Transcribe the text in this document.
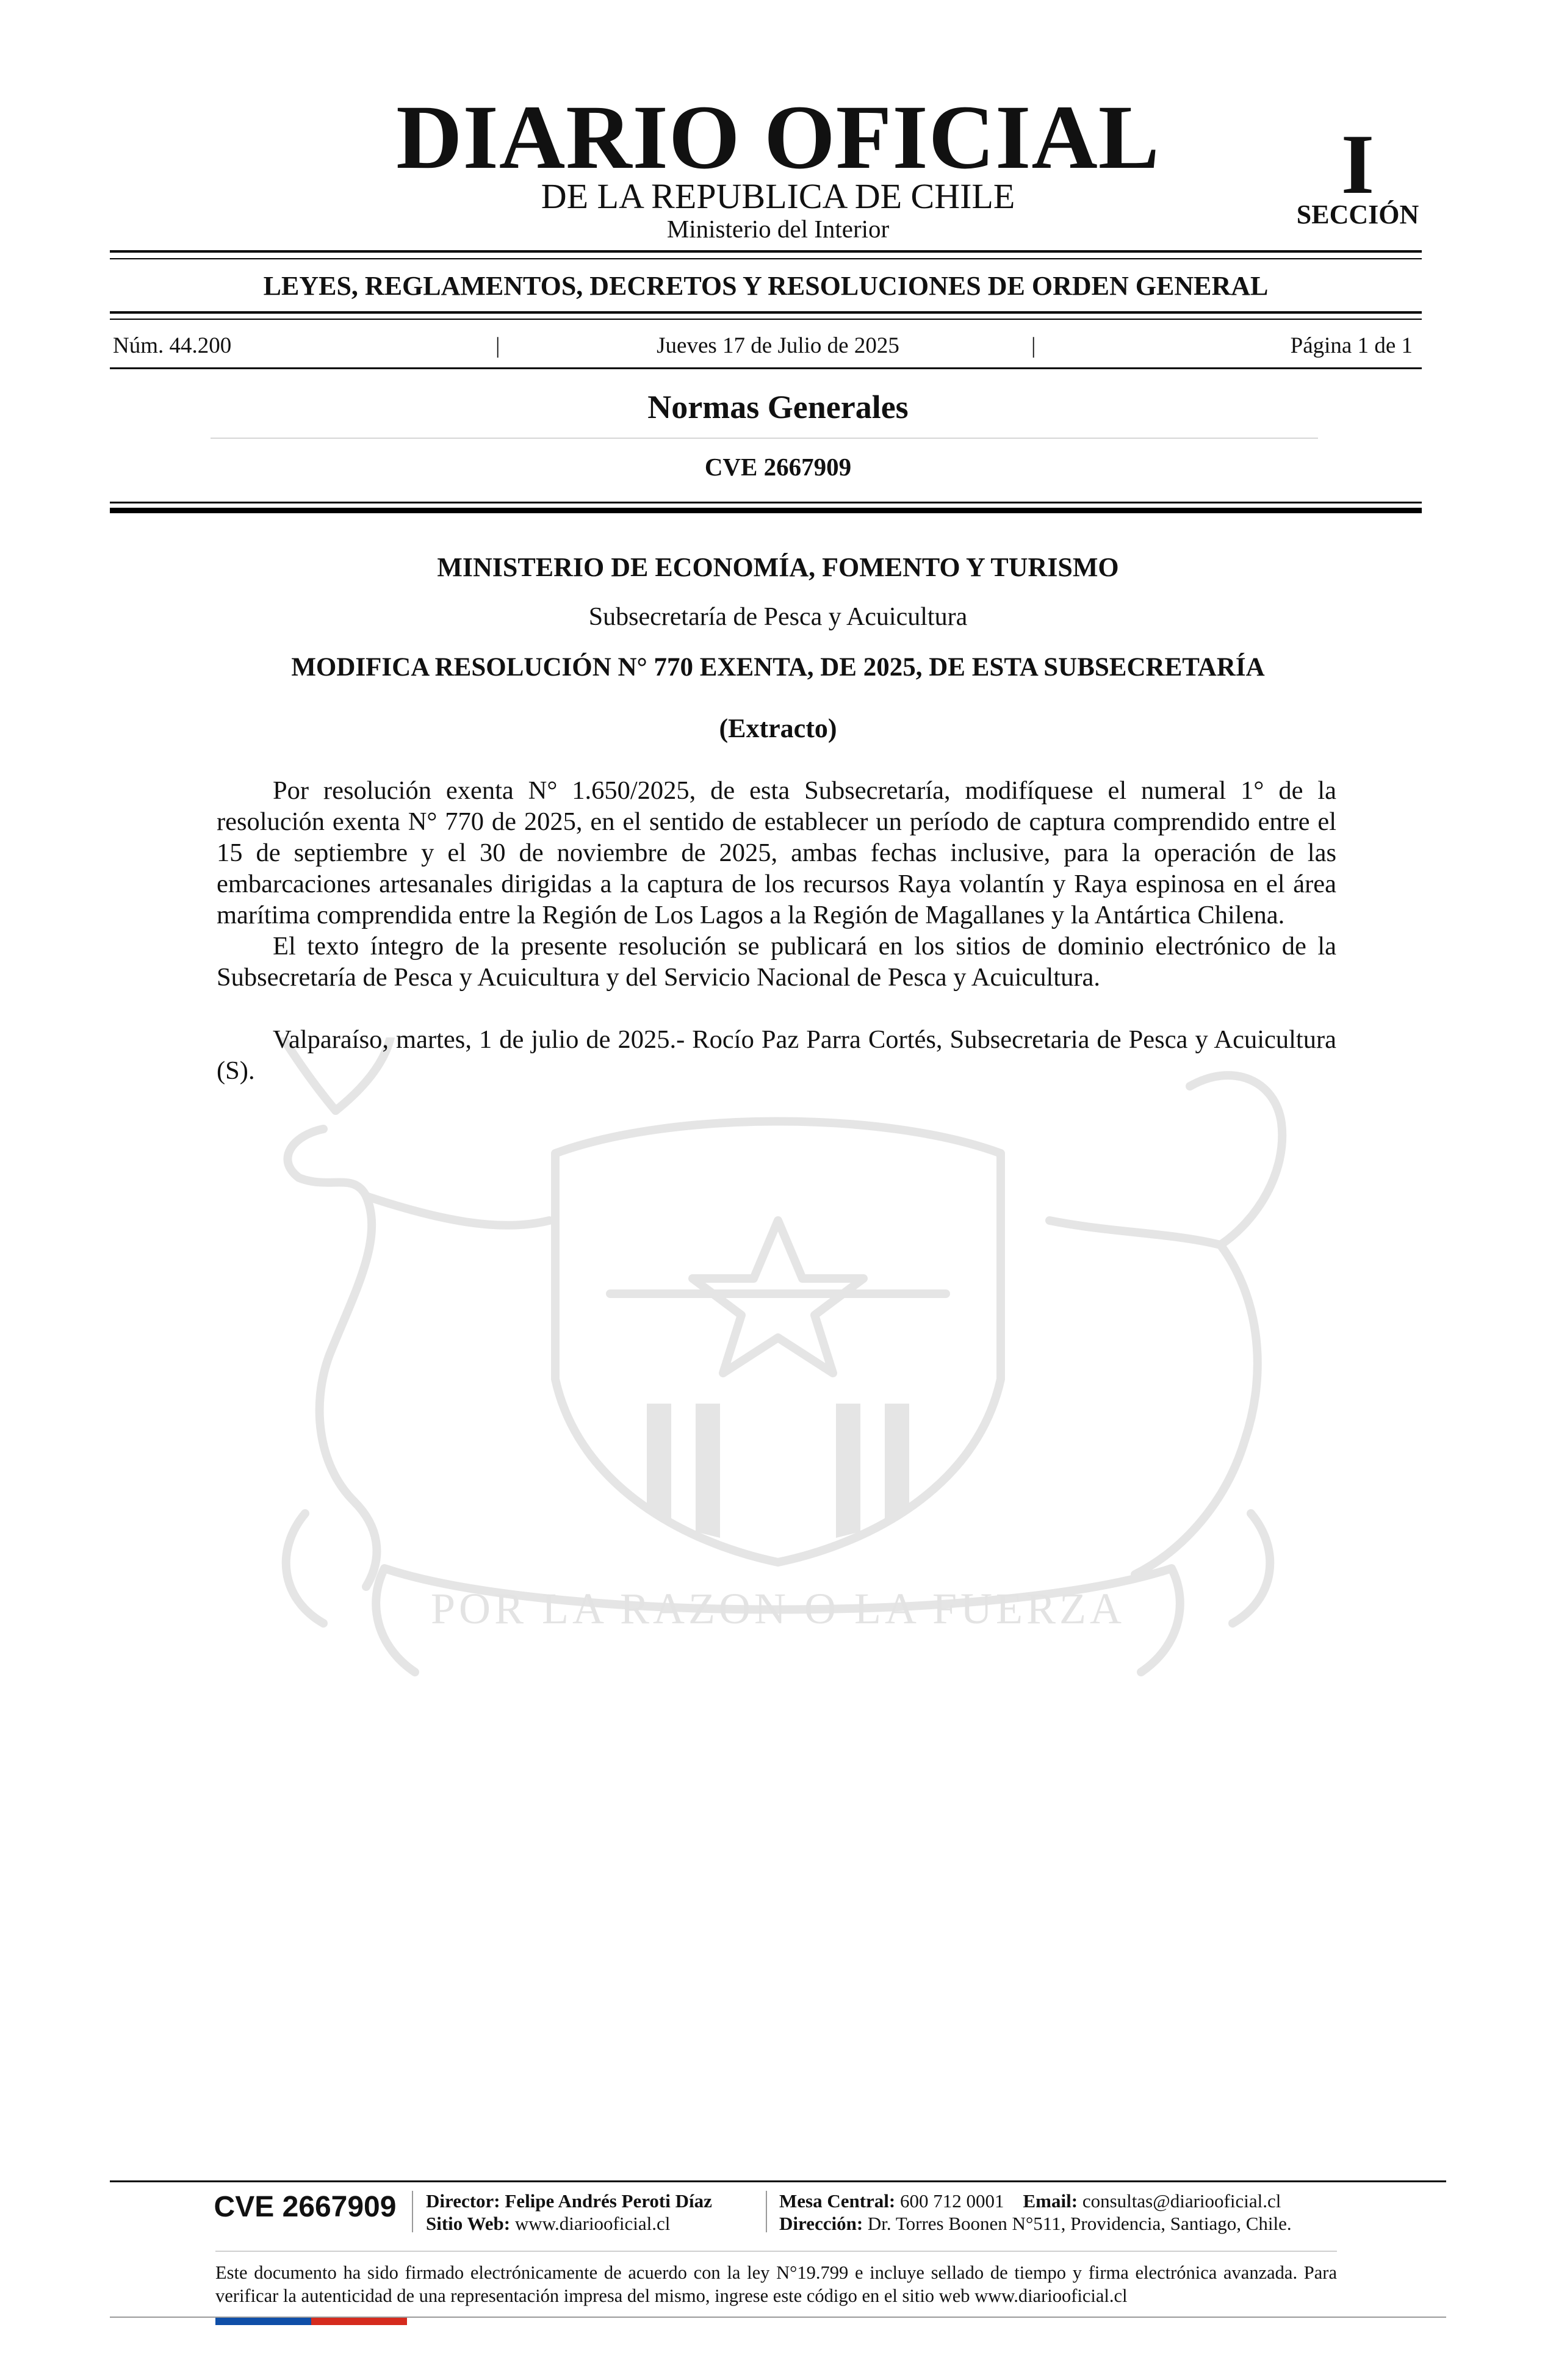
POR LA RAZON O LA FUERZA
DIARIO OFICIAL
DE LA REPUBLICA DE CHILE
Ministerio del Interior
I
SECCIÓN
LEYES, REGLAMENTOS, DECRETOS Y RESOLUCIONES DE ORDEN GENERAL
Núm. 44.200	|	Jueves 17 de Julio de 2025	|	Página 1 de 1
Normas Generales
CVE 2667909
MINISTERIO DE ECONOMÍA, FOMENTO Y TURISMO
Subsecretaría de Pesca y Acuicultura
MODIFICA RESOLUCIÓN N° 770 EXENTA, DE 2025, DE ESTA SUBSECRETARÍA
(Extracto)

Por resolución exenta N° 1.650/2025, de esta Subsecretaría, modifíquese el numeral 1° de la resolución exenta N° 770 de 2025, en el sentido de establecer un período de captura comprendido entre el 15 de septiembre y el 30 de noviembre de 2025, ambas fechas inclusive, para la operación de las embarcaciones artesanales dirigidas a la captura de los recursos Raya volantín y Raya espinosa en el área marítima comprendida entre la Región de Los Lagos a la Región de Magallanes y la Antártica Chilena.

El texto íntegro de la presente resolución se publicará en los sitios de dominio electrónico de la Subsecretaría de Pesca y Acuicultura y del Servicio Nacional de Pesca y Acuicultura.

Valparaíso, martes, 1 de julio de 2025.- Rocío Paz Parra Cortés, Subsecretaria de Pesca y Acuicultura (S).

CVE 2667909	Director: Felipe Andrés Peroti Díaz
Sitio Web: www.diariooficial.cl
Mesa Central: 600 712 0001 Email: consultas@diariooficial.cl
Dirección: Dr. Torres Boonen N°511, Providencia, Santiago, Chile.
Este documento ha sido firmado electrónicamente de acuerdo con la ley N°19.799 e incluye sellado de tiempo y firma electrónica avanzada. Para verificar la autenticidad de una representación impresa del mismo, ingrese este código en el sitio web www.diariooficial.cl
